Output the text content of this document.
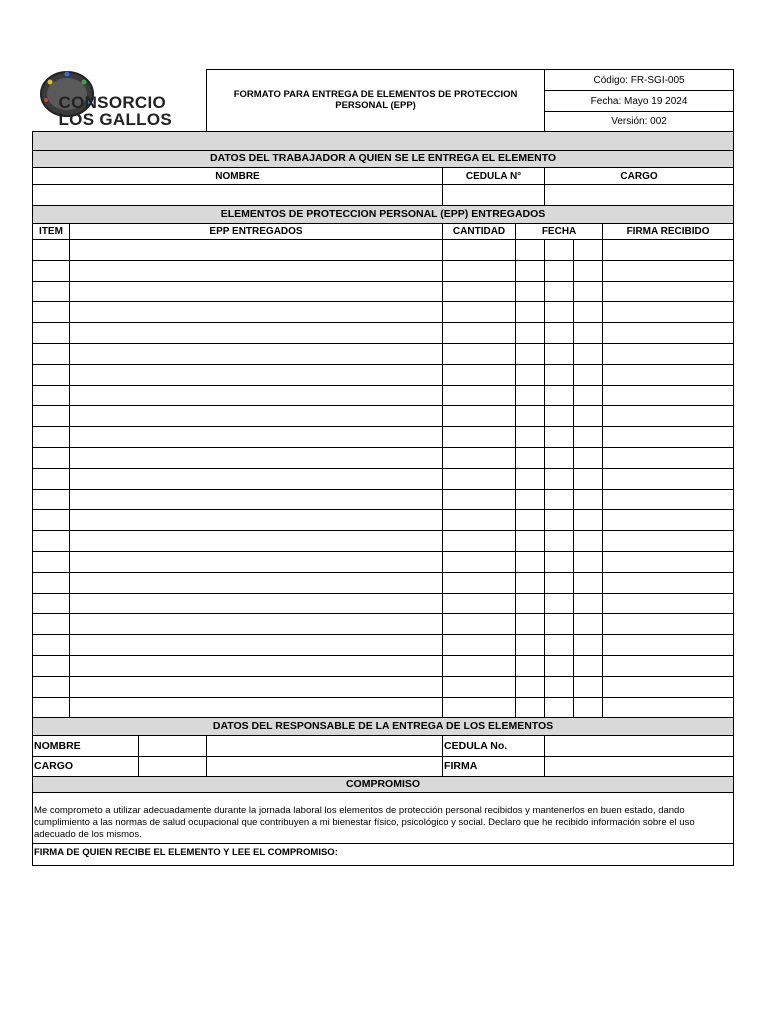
CONSORCIO
LOS GALLOS			FORMATO PARA ENTREGA DE ELEMENTOS DE PROTECCION PERSONAL (EPP)			Código: FR-SGI-005		
						Fecha: Mayo 19 2024		
						Versión: 002		

DATOS DEL TRABAJADOR A QUIEN SE LE ENTREGA EL ELEMENTO								
NOMBRE				CEDULA N°		CARGO		

ELEMENTOS DE PROTECCION PERSONAL (EPP) ENTREGADOS								
ITEM	EPP ENTREGADOS			CANTIDAD	FECHA			FIRMA RECIBIDO

DATOS DEL RESPONSABLE DE LA ENTREGA DE LOS ELEMENTOS								
NOMBRE				CEDULA No.				
CARGO				FIRMA				
COMPROMISO								
Me comprometo a utilizar adecuadamente durante la jornada laboral los elementos de protección personal recibidos y mantenerlos en buen estado, dando cumplimiento a las normas de salud ocupacional que contribuyen a mi bienestar físico, psicológico y social. Declaro que he recibido información sobre el uso adecuado de los mismos.								
FIRMA DE QUIEN RECIBE EL ELEMENTO Y LEE EL COMPROMISO:								
